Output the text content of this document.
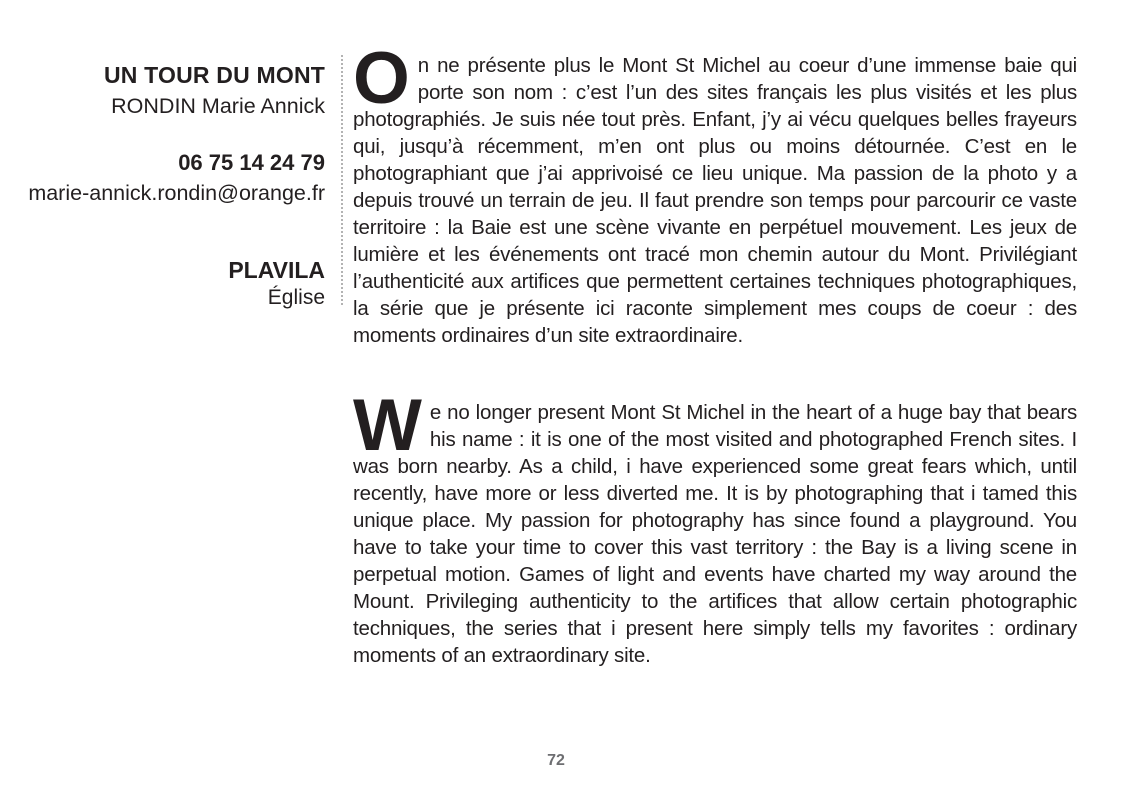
UN TOUR DU MONT
RONDIN Marie Annick
06 75 14 24 79
marie-annick.rondin@orange.fr
PLAVILA
Église

On ne présente plus le Mont St Michel au coeur d’une immense baie qui porte son nom : c’est l’un des sites français les plus visités et les plus photographiés. Je suis née tout près. Enfant, j’y ai vécu quelques belles frayeurs qui, jusqu’à récemment, m’en ont plus ou moins détournée. C’est en le photographiant que j’ai apprivoisé ce lieu unique. Ma passion de la photo y a depuis trouvé un terrain de jeu. Il faut prendre son temps pour parcourir ce vaste territoire : la Baie est une scène vivante en perpétuel mouvement. Les jeux de lumière et les événements ont tracé mon chemin autour du Mont. Privilégiant l’authenticité aux artifices que permettent certaines techniques photographiques, la série que je présente ici raconte simplement mes coups de coeur : des moments ordinaires d’un site extraordinaire.

We no longer present Mont St Michel in the heart of a huge bay that bears his name : it is one of the most visited and photographed French sites. I was born nearby. As a child, i have experienced some great fears which, until recently, have more or less diverted me. It is by photographing that i tamed this unique place. My passion for photography has since found a playground. You have to take your time to cover this vast territory : the Bay is a living scene in perpetual motion. Games of light and events have charted my way around the Mount. Privileging authenticity to the artifices that allow certain photographic techniques, the series that i present here simply tells my favorites : ordinary moments of an extraordinary site.

72
